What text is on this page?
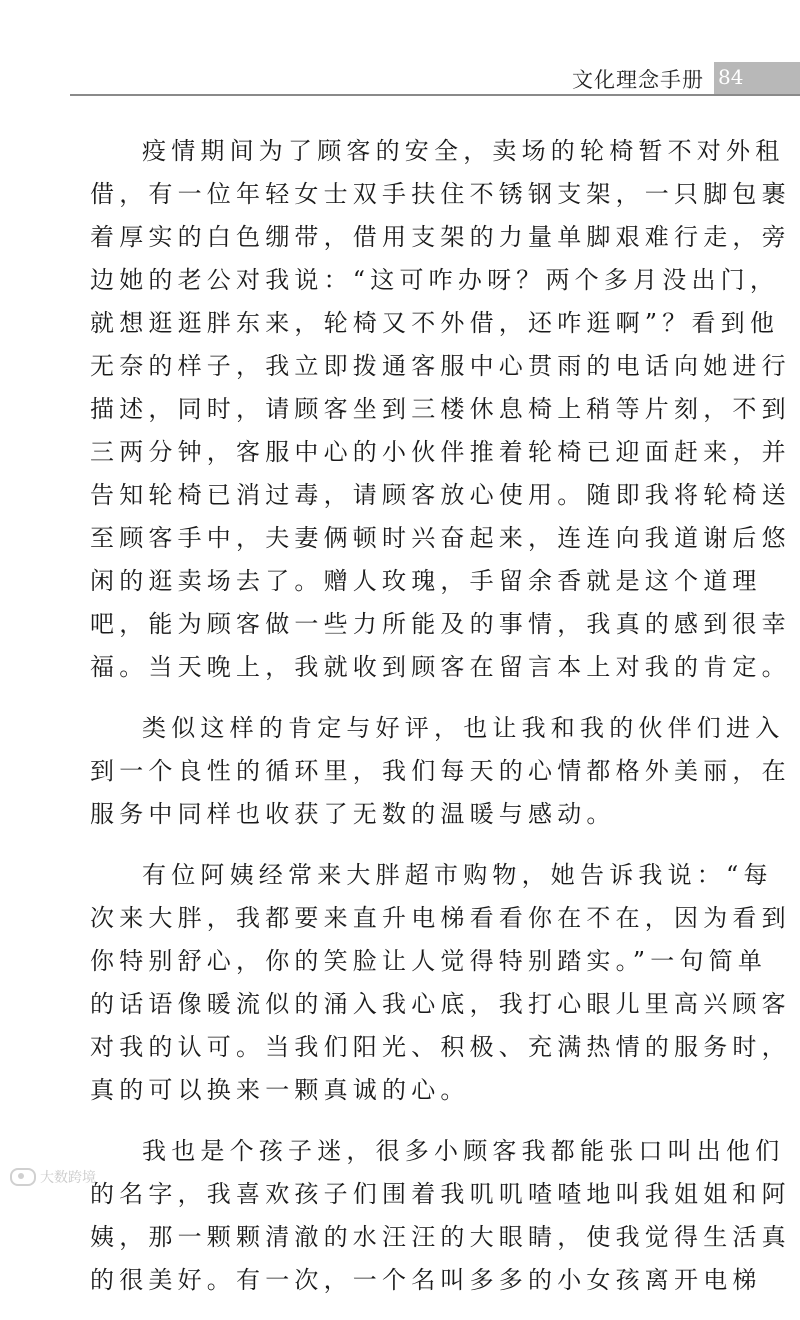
文化理念手册 84

疫情期间为了顾客的安全，卖场的轮椅暂不对外租
借，有一位年轻女士双手扶住不锈钢支架，一只脚包裹
着厚实的白色绷带，借用支架的力量单脚艰难行走，旁
边她的老公对我说：“这可咋办呀？两个多月没出门，
就想逛逛胖东来，轮椅又不外借，还咋逛啊”？看到他
无奈的样子，我立即拨通客服中心贯雨的电话向她进行
描述，同时，请顾客坐到三楼休息椅上稍等片刻，不到
三两分钟，客服中心的小伙伴推着轮椅已迎面赶来，并
告知轮椅已消过毒，请顾客放心使用。随即我将轮椅送
至顾客手中，夫妻俩顿时兴奋起来，连连向我道谢后悠
闲的逛卖场去了。赠人玫瑰，手留余香就是这个道理
吧，能为顾客做一些力所能及的事情，我真的感到很幸
福。当天晚上，我就收到顾客在留言本上对我的肯定。

类似这样的肯定与好评，也让我和我的伙伴们进入
到一个良性的循环里，我们每天的心情都格外美丽，在
服务中同样也收获了无数的温暖与感动。

有位阿姨经常来大胖超市购物，她告诉我说：“每
次来大胖，我都要来直升电梯看看你在不在，因为看到
你特别舒心，你的笑脸让人觉得特别踏实。”一句简单
的话语像暖流似的涌入我心底，我打心眼儿里高兴顾客
对我的认可。当我们阳光、积极、充满热情的服务时，
真的可以换来一颗真诚的心。

我也是个孩子迷，很多小顾客我都能张口叫出他们
的名字，我喜欢孩子们围着我叽叽喳喳地叫我姐姐和阿
姨，那一颗颗清澈的水汪汪的大眼睛，使我觉得生活真
的很美好。有一次，一个名叫多多的小女孩离开电梯

大数跨境
